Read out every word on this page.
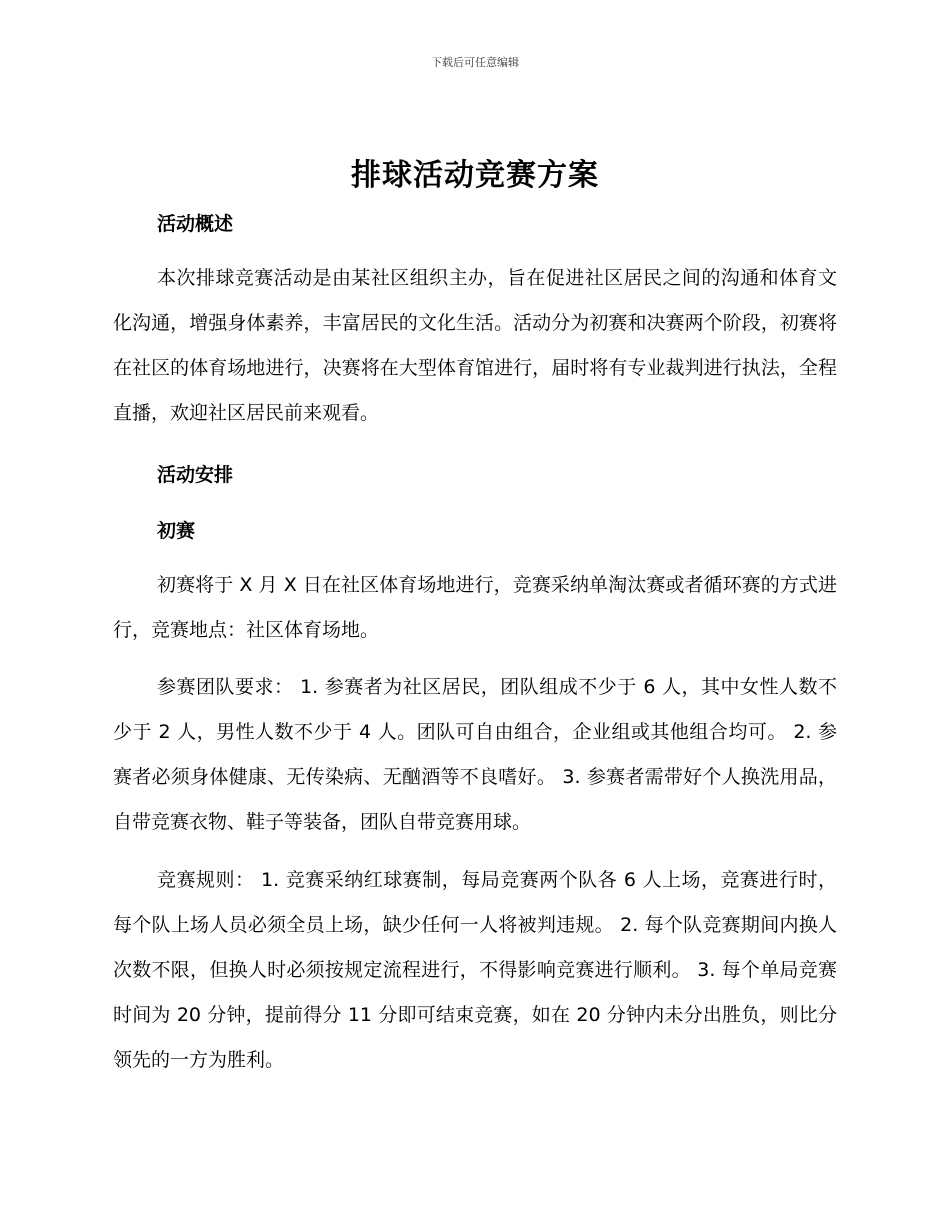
下载后可任意编辑
排球活动竞赛方案
活动概述

本次排球竞赛活动是由某社区组织主办，旨在促进社区居民之间的沟通和体育文化沟通，增强身体素养，丰富居民的文化生活。活动分为初赛和决赛两个阶段，初赛将在社区的体育场地进行，决赛将在大型体育馆进行，届时将有专业裁判进行执法，全程直播，欢迎社区居民前来观看。

活动安排
初赛

初赛将于 X 月 X 日在社区体育场地进行，竞赛采纳单淘汰赛或者循环赛的方式进行，竞赛地点：社区体育场地。

参赛团队要求： 1. 参赛者为社区居民，团队组成不少于 6 人，其中女性人数不少于 2 人，男性人数不少于 4 人。团队可自由组合，企业组或其他组合均可。 2. 参赛者必须身体健康、无传染病、无酗酒等不良嗜好。 3. 参赛者需带好个人换洗用品，自带竞赛衣物、鞋子等装备，团队自带竞赛用球。

竞赛规则： 1. 竞赛采纳红球赛制，每局竞赛两个队各 6 人上场，竞赛进行时，每个队上场人员必须全员上场，缺少任何一人将被判违规。 2. 每个队竞赛期间内换人次数不限，但换人时必须按规定流程进行，不得影响竞赛进行顺利。 3. 每个单局竞赛时间为 20 分钟，提前得分 11 分即可结束竞赛，如在 20 分钟内未分出胜负，则比分领先的一方为胜利。
